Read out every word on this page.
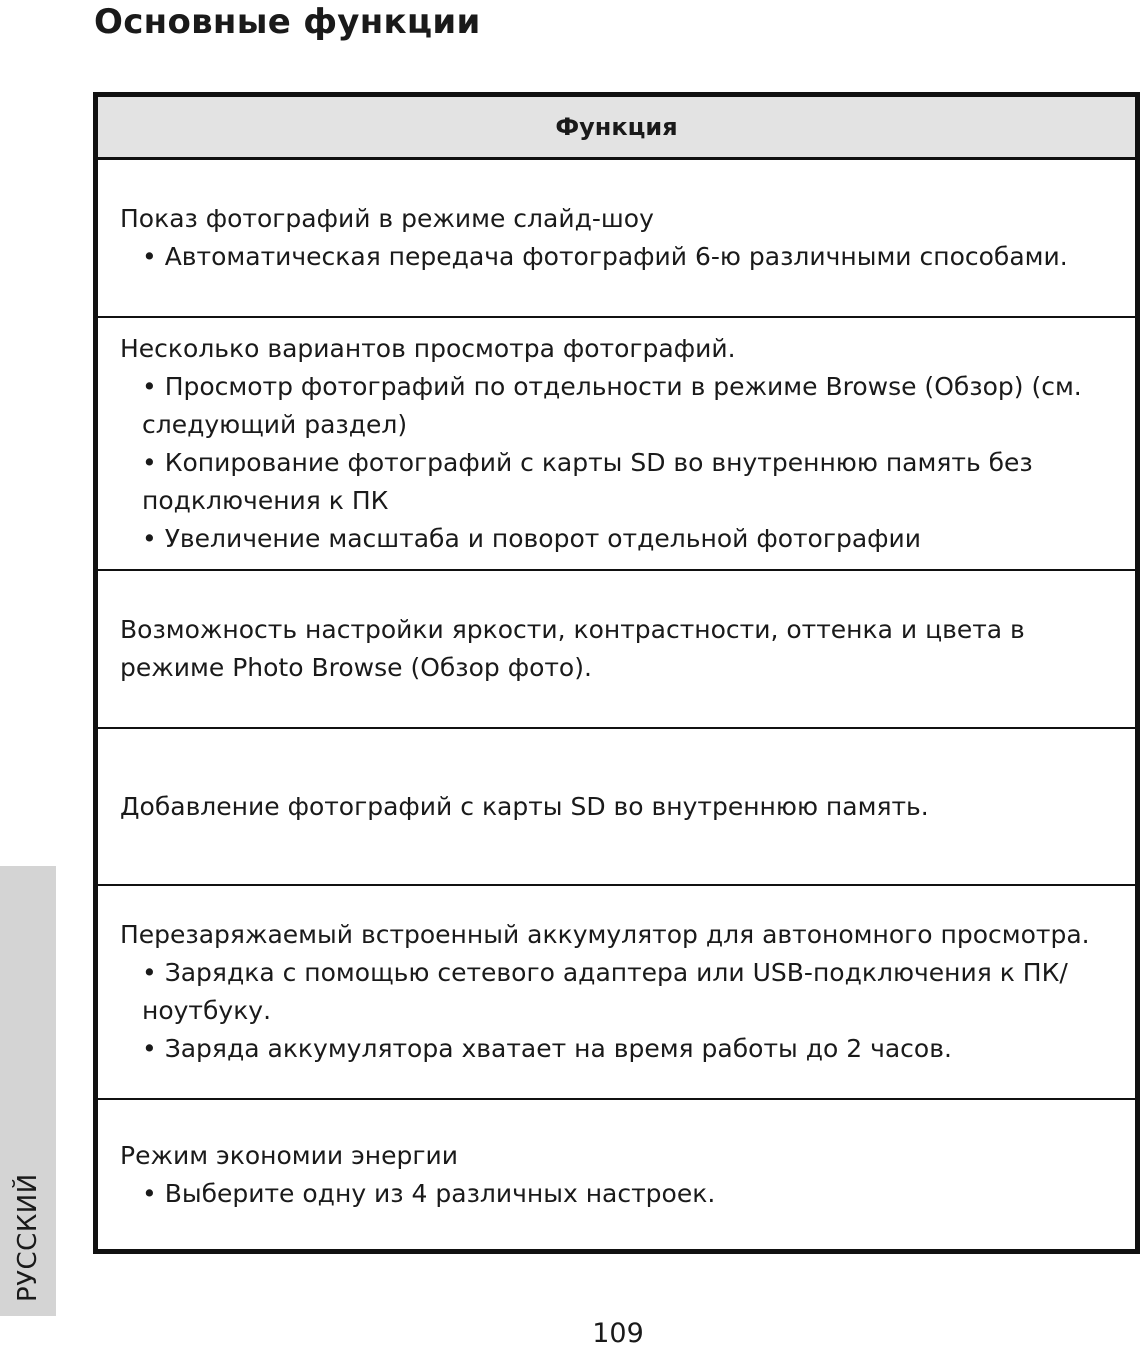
Основные функции
Функция

Показ фотографий в режиме слайд-шоу

• Автоматическая передача фотографий 6-ю различными способами.

Несколько вариантов просмотра фотографий.

• Просмотр фотографий по отдельности в режиме Browse (Обзор) (см. следующий раздел)

• Копирование фотографий с карты SD во внутреннюю память без подключения к ПК

• Увеличение масштаба и поворот отдельной фотографии

Возможность настройки яркости, контрастности, оттенка и цвета в режиме Photo Browse (Обзор фото).

Добавление фотографий с карты SD во внутреннюю память.

Перезаряжаемый встроенный аккумулятор для автономного просмотра.

• Зарядка с помощью сетевого адаптера или USB-подключения к ПК/ноутбуку.

• Заряда аккумулятора хватает на время работы до 2 часов.

Режим экономии энергии

• Выберите одну из 4 различных настроек.

РУССКИЙ
109
